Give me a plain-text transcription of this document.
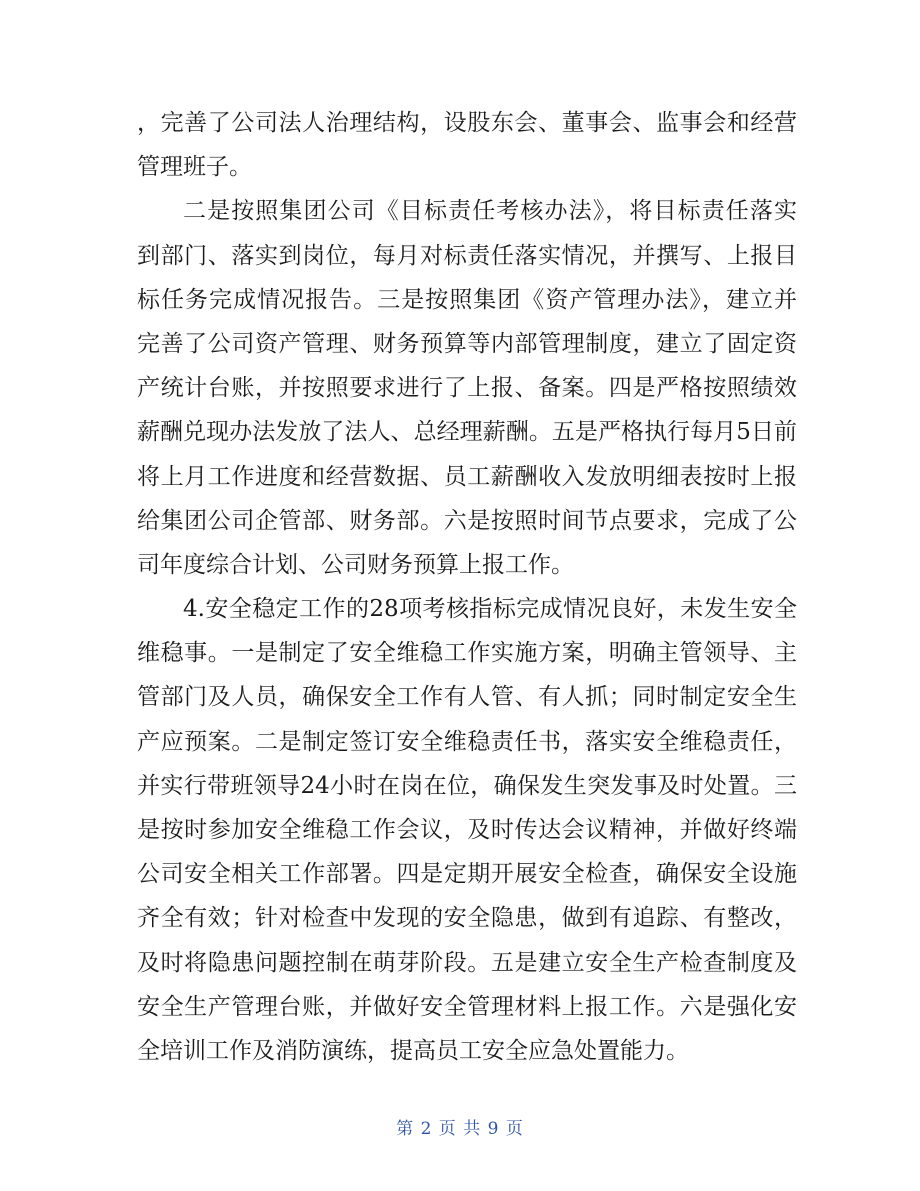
，完善了公司法人治理结构，设股东会、董事会、监事会和经营
管理班子。
二是按照集团公司《目标责任考核办法》，将目标责任落实
到部门、落实到岗位，每月对标责任落实情况，并撰写、上报目
标任务完成情况报告。三是按照集团《资产管理办法》，建立并
完善了公司资产管理、财务预算等内部管理制度，建立了固定资
产统计台账，并按照要求进行了上报、备案。四是严格按照绩效
薪酬兑现办法发放了法人、总经理薪酬。五是严格执行每月5日前
将上月工作进度和经营数据、员工薪酬收入发放明细表按时上报
给集团公司企管部、财务部。六是按照时间节点要求，完成了公
司年度综合计划、公司财务预算上报工作。
4.安全稳定工作的28项考核指标完成情况良好，未发生安全
维稳事。一是制定了安全维稳工作实施方案，明确主管领导、主
管部门及人员，确保安全工作有人管、有人抓；同时制定安全生
产应预案。二是制定签订安全维稳责任书，落实安全维稳责任，
并实行带班领导24小时在岗在位，确保发生突发事及时处置。三
是按时参加安全维稳工作会议，及时传达会议精神，并做好终端
公司安全相关工作部署。四是定期开展安全检查，确保安全设施
齐全有效；针对检查中发现的安全隐患，做到有追踪、有整改，
及时将隐患问题控制在萌芽阶段。五是建立安全生产检查制度及
安全生产管理台账，并做好安全管理材料上报工作。六是强化安
全培训工作及消防演练，提高员工安全应急处置能力。
第 2 页 共 9 页
